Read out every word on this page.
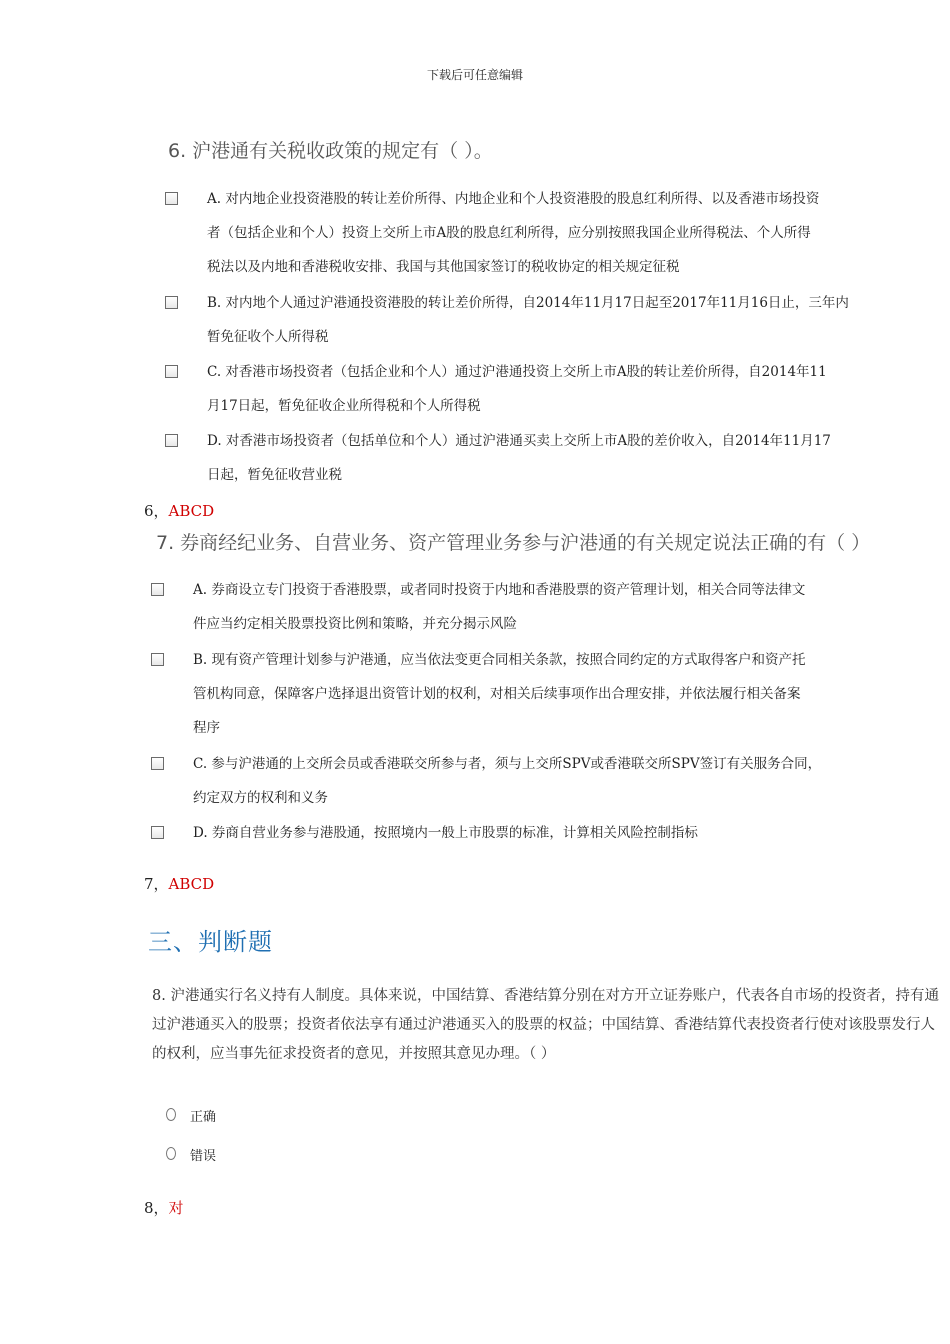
下载后可任意编辑
6. 沪港通有关税收政策的规定有（ ）。
A. 对内地企业投资港股的转让差价所得、内地企业和个人投资港股的股息红利所得、以及香港市场投资
者（包括企业和个人）投资上交所上市A股的股息红利所得，应分别按照我国企业所得税法、个人所得
税法以及内地和香港税收安排、我国与其他国家签订的税收协定的相关规定征税
B. 对内地个人通过沪港通投资港股的转让差价所得，自2014年11月17日起至2017年11月16日止，三年内
暂免征收个人所得税
C. 对香港市场投资者（包括企业和个人）通过沪港通投资上交所上市A股的转让差价所得，自2014年11
月17日起，暂免征收企业所得税和个人所得税
D. 对香港市场投资者（包括单位和个人）通过沪港通买卖上交所上市A股的差价收入，自2014年11月17
日起，暂免征收营业税
6，ABCD
7. 券商经纪业务、自营业务、资产管理业务参与沪港通的有关规定说法正确的有（ ）
A. 券商设立专门投资于香港股票，或者同时投资于内地和香港股票的资产管理计划，相关合同等法律文
件应当约定相关股票投资比例和策略，并充分揭示风险
B. 现有资产管理计划参与沪港通，应当依法变更合同相关条款，按照合同约定的方式取得客户和资产托
管机构同意，保障客户选择退出资管计划的权利，对相关后续事项作出合理安排，并依法履行相关备案
程序
C. 参与沪港通的上交所会员或香港联交所参与者，须与上交所SPV或香港联交所SPV签订有关服务合同，
约定双方的权利和义务
D. 券商自营业务参与港股通，按照境内一般上市股票的标准，计算相关风险控制指标
7，ABCD
三、判断题
8. 沪港通实行名义持有人制度。具体来说，中国结算、香港结算分别在对方开立证券账户，代表各自市场的投资者，持有通过沪港通买入的股票；投资者依法享有通过沪港通买入的股票的权益；中国结算、香港结算代表投资者行使对该股票发行人的权利，应当事先征求投资者的意见，并按照其意见办理。（ ）
正确
错误
8，对
